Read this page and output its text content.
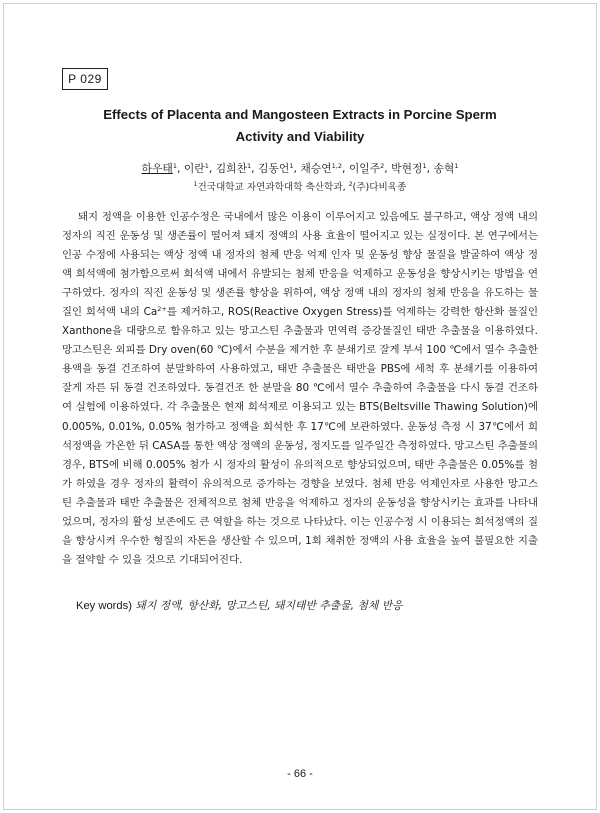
P 029
Effects of Placenta and Mangosteen Extracts in Porcine Sperm
Activity and Viability
하우태$^1$, 이란$^1$, 김희찬$^1$, 김동언$^1$, 채승연$^{1,2}$, 이일주$^2$, 박현정$^1$, 송혁$^1$
$^1$건국대학교 자연과학대학 축산학과, $^2$(주)다비육종

돼지 정액을 이용한 인공수정은 국내에서 많은 이용이 이루어지고 있음에도 불구하고, 액상 정액 내의 정자의 직진 운동성 및 생존률이 떨어져 돼지 정액의 사용 효율이 떨어지고 있는 실정이다. 본 연구에서는 인공 수정에 사용되는 액상 정액 내 정자의 첨체 반응 억제 인자 및 운동성 향상 물질을 발굴하여 액상 정액 희석액에 첨가함으로써 희석액 내에서 유발되는 첨체 반응을 억제하고 운동성을 향상시키는 방법을 연구하였다. 정자의 직진 운동성 및 생존률 향상을 위하여, 액상 정액 내의 정자의 첨체 반응을 유도하는 물질인 희석액 내의 $Ca^{2+}$를 제거하고, ROS(Reactive Oxygen Stress)를 억제하는 강력한 항산화 물질인 Xanthone을 대량으로 함유하고 있는 망고스틴 추출물과 면역력 증강물질인 태반 추출물을 이용하였다. 망고스틴은 외피를 Dry oven(60 ℃)에서 수분을 제거한 후 분쇄기로 잘게 부셔 100 ℃에서 열수 추출한 용액을 동결 건조하여 분말화하여 사용하였고, 태반 추출물은 태반을 PBS에 세척 후 분쇄기를 이용하여 잘게 자른 뒤 동결 건조하였다. 동결건조 한 분말을 80 ℃에서 열수 추출하여 추출물을 다시 동결 건조하여 실험에 이용하였다. 각 추출물은 현재 희석제로 이용되고 있는 BTS(Beltsville Thawing Solution)에 0.005%, 0.01%, 0.05% 첨가하고 정액을 희석한 후 17℃에 보관하였다. 운동성 측정 시 37℃에서 희석정액을 가온한 뒤 CASA를 통한 액상 정액의 운동성, 정지도를 일주일간 측정하였다. 망고스틴 추출물의 경우, BTS에 비해 0.005% 첨가 시 정자의 활성이 유의적으로 향상되었으며, 태반 추출물은 0.05%를 첨가 하였을 경우 정자의 활력이 유의적으로 증가하는 경향을 보였다. 첨체 반응 억제인자로 사용한 망고스틴 추출물과 태반 추출물은 전체적으로 첨체 반응을 억제하고 정자의 운동성을 향상시키는 효과를 나타내었으며, 정자의 활성 보존에도 큰 역할을 하는 것으로 나타났다. 이는 인공수정 시 이용되는 희석정액의 질을 향상시켜 우수한 형질의 자돈을 생산할 수 있으며, 1회 채취한 정액의 사용 효율을 높여 불필요한 지출을 절약할 수 있을 것으로 기대되어진다.

Key words) 돼지 정액, 항산화, 망고스틴, 돼지태반 추출물, 첨체 반응
- 66 -
